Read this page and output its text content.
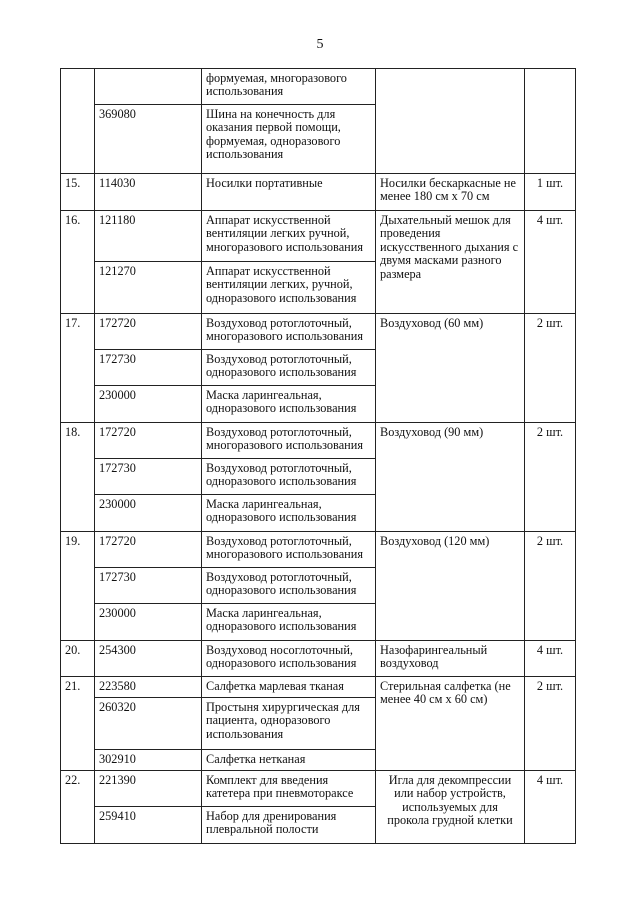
5
		формуемая, многоразового использования		
	369080	Шина на конечность для оказания первой помощи, формуемая, одноразового использования		
15.	114030	Носилки портативные	Носилки бескаркасные не менее 180 см х 70 см	1 шт.
16.	121180	Аппарат искусственной вентиляции легких ручной, многоразового использования	Дыхательный мешок для проведения искусственного дыхания с двумя масками разного размера	4 шт.
	121270	Аппарат искусственной вентиляции легких, ручной, одноразового использования		
17.	172720	Воздуховод ротоглоточный, многоразового использования	Воздуховод (60 мм)	2 шт.
	172730	Воздуховод ротоглоточный, одноразового использования		
	230000	Маска ларингеальная, одноразового использования		
18.	172720	Воздуховод ротоглоточный, многоразового использования	Воздуховод (90 мм)	2 шт.
	172730	Воздуховод ротоглоточный, одноразового использования		
	230000	Маска ларингеальная, одноразового использования		
19.	172720	Воздуховод ротоглоточный, многоразового использования	Воздуховод (120 мм)	2 шт.
	172730	Воздуховод ротоглоточный, одноразового использования		
	230000	Маска ларингеальная, одноразового использования		
20.	254300	Воздуховод носоглоточный, одноразового использования	Назофарингеальный воздуховод	4 шт.
21.	223580	Салфетка марлевая тканая	Стерильная салфетка (не менее 40 см х 60 см)	2 шт.
	260320	Простыня хирургическая для пациента, одноразового использования		
	302910	Салфетка нетканая		
22.	221390	Комплект для введения катетера при пневмотораксе	Игла для декомпрессии или набор устройств, используемых для прокола грудной клетки	4 шт.
	259410	Набор для дренирования плевральной полости		
